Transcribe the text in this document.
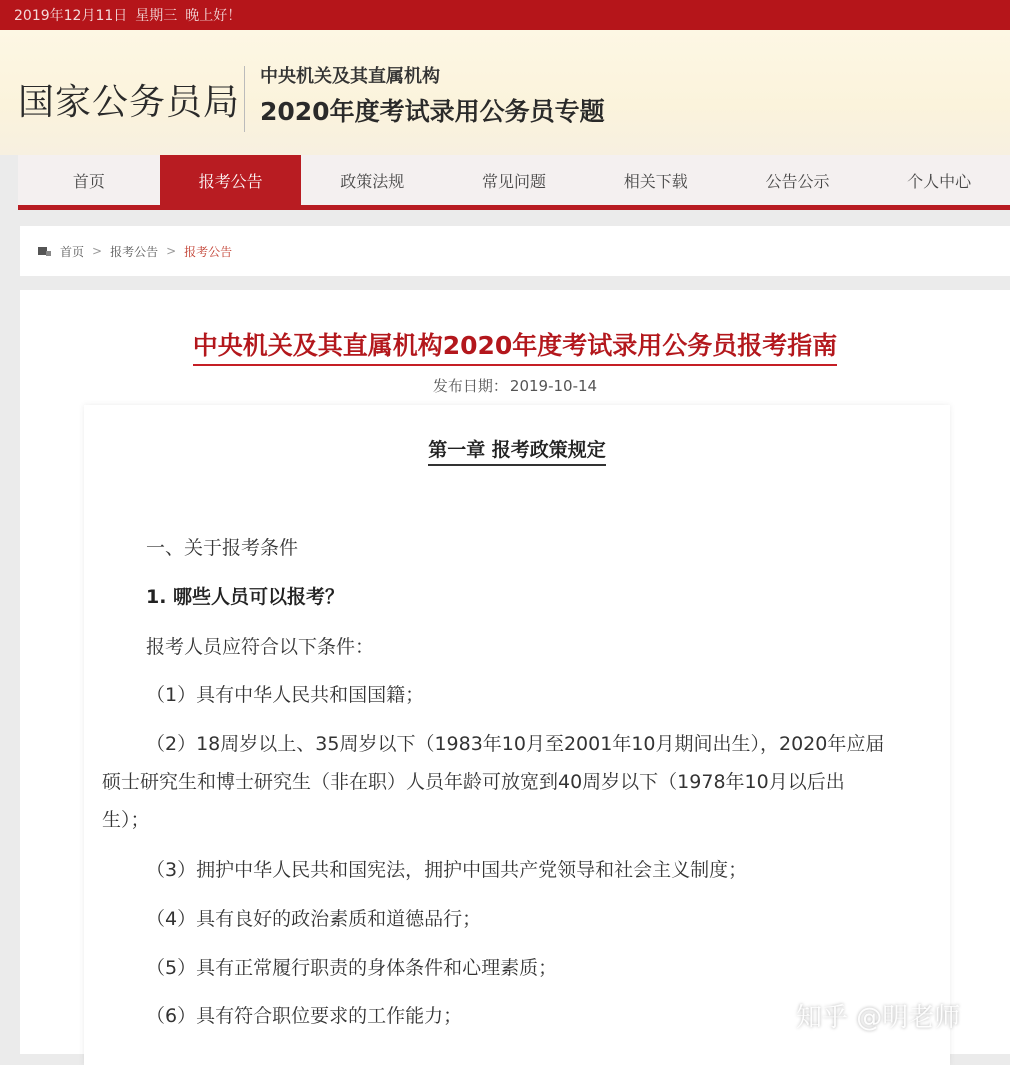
2019年12月11日 星期三 晚上好！
国家公务员局
中央机关及其直属机构
2020年度考试录用公务员专题
首页	报考公告	政策法规	常见问题	相关下载	公告公示	个人中心
首页 > 报考公告 > 报考公告
中央机关及其直属机构2020年度考试录用公务员报考指南
发布日期： 2019-10-14
第一章 报考政策规定
一、关于报考条件
1. 哪些人员可以报考？
报考人员应符合以下条件：
（1）具有中华人民共和国国籍；
（2）18周岁以上、35周岁以下（1983年10月至2001年10月期间出生），2020年应届
硕士研究生和博士研究生（非在职）人员年龄可放宽到40周岁以下（1978年10月以后出
生）；
（3）拥护中华人民共和国宪法，拥护中国共产党领导和社会主义制度；
（4）具有良好的政治素质和道德品行；
（5）具有正常履行职责的身体条件和心理素质；
（6）具有符合职位要求的工作能力；	知乎 @明老师
